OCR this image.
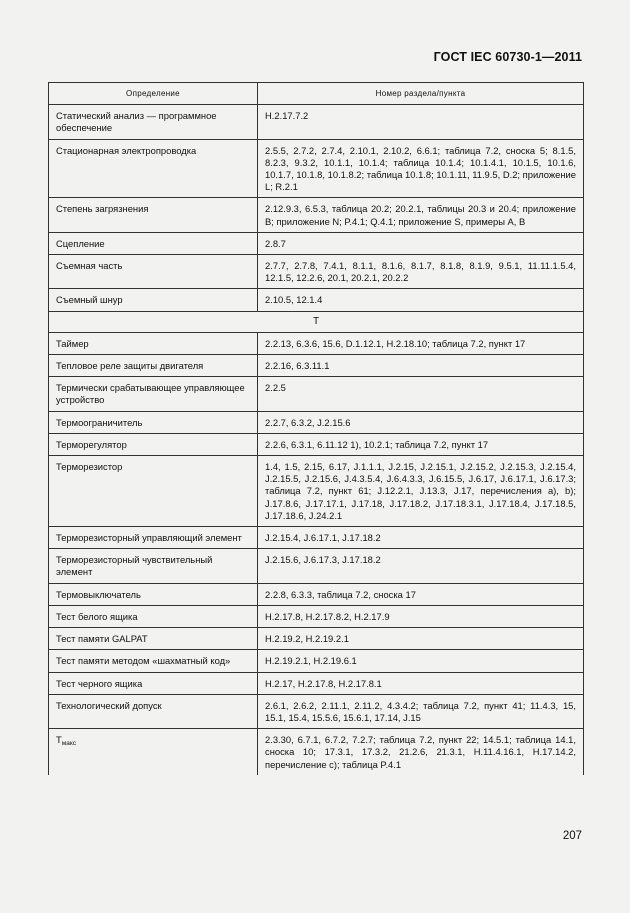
ГОСТ IEC 60730-1—2011
Определение	Номер раздела/пункта
Статический анализ — программное обеспечение	H.2.17.7.2
Стационарная электропроводка	2.5.5, 2.7.2, 2.7.4, 2.10.1, 2.10.2, 6.6.1; таблица 7.2, сноска 5; 8.1.5, 8.2.3, 9.3.2, 10.1.1, 10.1.4; таблица 10.1.4; 10.1.4.1, 10.1.5, 10.1.6, 10.1.7, 10.1.8, 10.1.8.2; таблица 10.1.8; 10.1.11, 11.9.5, D.2; приложение L; R.2.1
Степень загрязнения	2.12.9.3, 6.5.3, таблица 20.2; 20.2.1, таблицы 20.3 и 20.4; приложение B; приложение N; P.4.1; Q.4.1; приложение S, примеры A, B
Сцепление	2.8.7
Съемная часть	2.7.7, 2.7.8, 7.4.1, 8.1.1, 8.1.6, 8.1.7, 8.1.8, 8.1.9, 9.5.1, 11.11.1.5.4, 12.1.5, 12.2.6, 20.1, 20.2.1, 20.2.2
Съемный шнур	2.10.5, 12.1.4
Т	
Таймер	2.2.13, 6.3.6, 15.6, D.1.12.1, H.2.18.10; таблица 7.2, пункт 17
Тепловое реле защиты двигателя	2.2.16, 6.3.11.1
Термически срабатывающее управляющее устройство	2.2.5
Термоограничитель	2.2.7, 6.3.2, J.2.15.6
Терморегулятор	2.2.6, 6.3.1, 6.11.12 1), 10.2.1; таблица 7.2, пункт 17
Терморезистор	1.4, 1.5, 2.15, 6.17, J.1.1.1, J.2.15, J.2.15.1, J.2.15.2, J.2.15.3, J.2.15.4, J.2.15.5, J.2.15.6, J.4.3.5.4, J.6.4.3.3, J.6.15.5, J.6.17, J.6.17.1, J.6.17.3; таблица 7.2, пункт 61; J.12.2.1, J.13.3, J.17, перечисления a), b); J.17.8.6, J.17.17.1, J.17.18, J.17.18.2, J.17.18.3.1, J.17.18.4, J.17.18.5, J.17.18.6, J.24.2.1
Терморезисторный управляющий элемент	J.2.15.4, J.6.17.1, J.17.18.2
Терморезисторный чувствительный элемент	J.2.15.6, J.6.17.3, J.17.18.2
Термовыключатель	2.2.8, 6.3.3, таблица 7.2, сноска 17
Тест белого ящика	H.2.17.8, H.2.17.8.2, H.2.17.9
Тест памяти GALPAT	H.2.19.2, H.2.19.2.1
Тест памяти методом «шахматный код»	H.2.19.2.1, H.2.19.6.1
Тест черного ящика	H.2.17, H.2.17.8, H.2.17.8.1
Технологический допуск	2.6.1, 2.6.2, 2.11.1, 2.11.2, 4.3.4.2; таблица 7.2, пункт 41; 11.4.3, 15, 15.1, 15.4, 15.5.6, 15.6.1, 17.14, J.15
$T_{макс}$	2.3.30, 6.7.1, 6.7.2, 7.2.7; таблица 7.2, пункт 22; 14.5.1; таблица 14.1, сноска 10; 17.3.1, 17.3.2, 21.2.6, 21.3.1, H.11.4.16.1, H.17.14.2, перечисление c); таблица P.4.1
207
